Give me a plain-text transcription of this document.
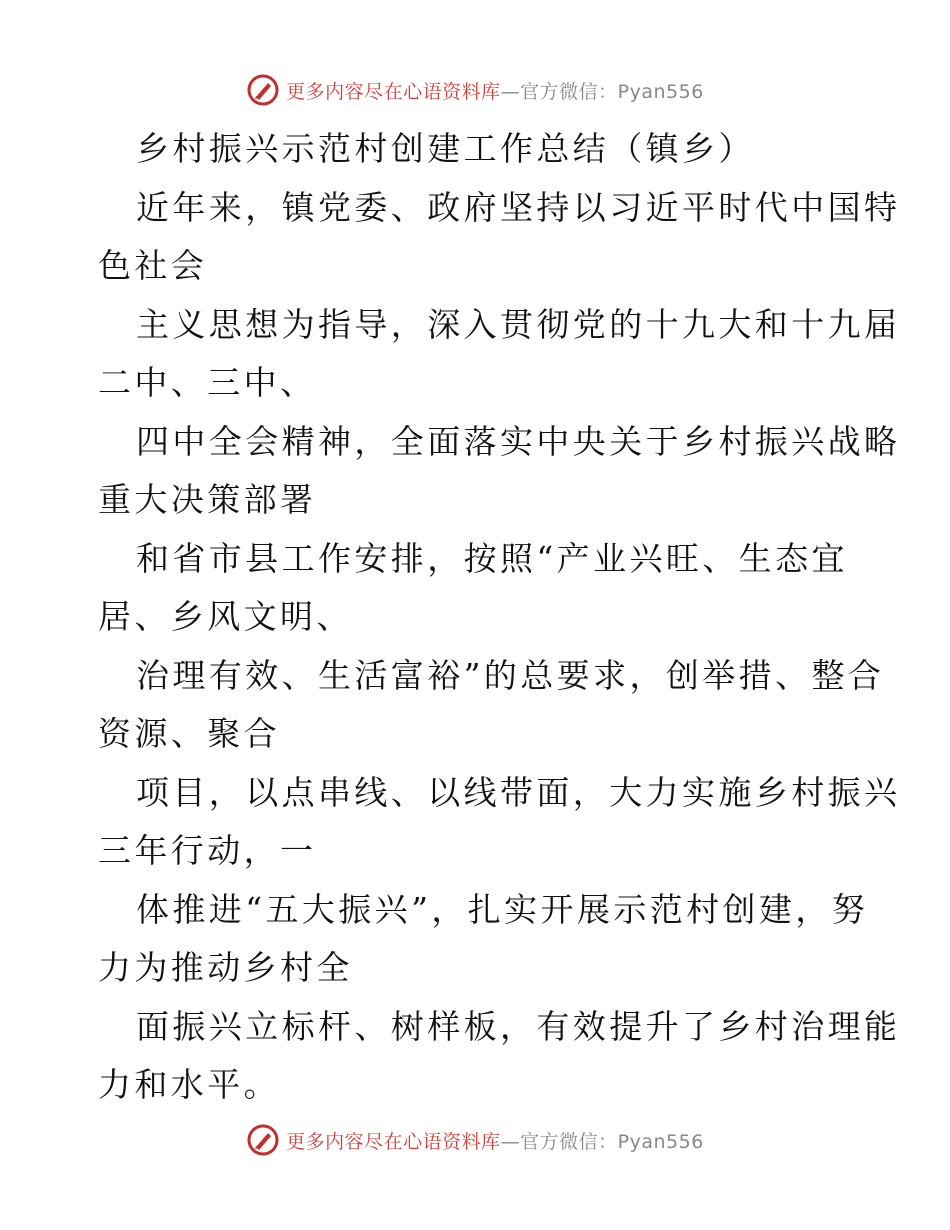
更多内容尽在心语资料库—官方微信：Pyan556

乡村振兴示范村创建工作总结（镇乡）

近年来，镇党委、政府坚持以习近平时代中国特

色社会

主义思想为指导，深入贯彻党的十九大和十九届

二中、三中、

四中全会精神，全面落实中央关于乡村振兴战略

重大决策部署

和省市县工作安排，按照“产业兴旺、生态宜

居、乡风文明、

治理有效、生活富裕”的总要求，创举措、整合

资源、聚合

项目，以点串线、以线带面，大力实施乡村振兴

三年行动，一

体推进“五大振兴”，扎实开展示范村创建，努

力为推动乡村全

面振兴立标杆、树样板，有效提升了乡村治理能

力和水平。

更多内容尽在心语资料库—官方微信：Pyan556
